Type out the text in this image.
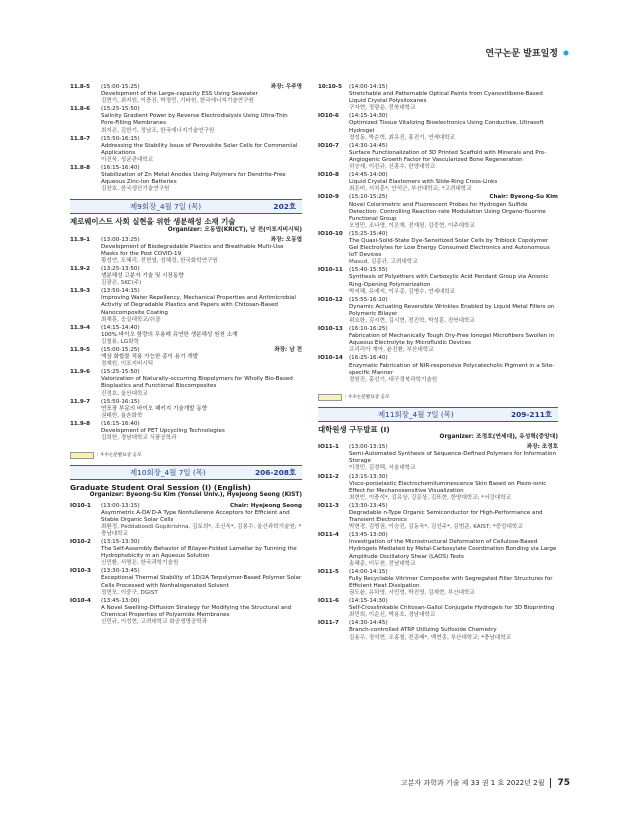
연구논문 발표일정
11.8-5	(15:00-15:25)	좌장: 우주영
Development of the Large-capacity ESS Using Seawater
김현기, 최지원, 이충진, 박정민, 기타원, 한국에너지기술연구원
11.8-6	(15:25-15:50)
Salinity Gradient Power by Reverse Electrodialysis Using Ultra-Thin Pore-Filling Membranes
최지은, 김한기, 정남조, 한국에너지기술연구원
11.8-7	(15:50-16:15)
Addressing the Stability Issue of Perovskite Solar Cells for Commercial Applications
이진욱, 성균관대학교
11.8-8	(16:15-16:40)
Stabilization of Zn Metal Anodes Using Polymers for Dendrite-Free Aqueous Zinc-Ion Batteries
김찬호, 한국생산기술연구원
제9회장_4월 7일 (목)	202호
제로웨이스트 사회 실현을 위한 생분해성 소재 기술
Organizer: 오동엽(KRICT), 남 전(이포지비시틱)
11.9-1	(13:00-13:25)	좌장: 오동엽
Development of Biodegradable Plastics and Breathable Multi-Use Masks for the Post COVID-19
황성연, 도혜리, 전현열, 성혜정, 한국화학연구원
11.9-2	(13:25-13:50)
생분해성 고분자 기술 및 시장동향
김광은, SKC(주)
11.9-3	(13:50-14:15)
Improving Water Repellency, Mechanical Properties and Antimicrobial Activity of Degradable Plastics and Papers with Chitosan-Based Nanocomposite Coating
최재훈, 숭실대학교/쉬클
11.9-4	(14:15-14:40)
100% 바이오 함량의 무용매 유연한 생분해성 원천 소재
김철용, LG화학
11.9-5	(15:00-15:25)	좌장: 남 전
액상 화합물 적용 가능한 종이 용기 개발
정재원, 이포지비시틱
11.9-6	(15:25-15:50)
Valorization of Naturally-occurring Biopolymers for Wholly Bio-Based Bioplastics and Functional Biocomposites
진정호, 울산대학교
11.9-7	(15:50-16:15)
연포장 부문의 바이오 패키지 기술개발 동향
권태헌, 율촌화학
11.9-8	(16:15-16:40)
Development of PET Upcycling Technologies
김희헌, 경남대학교 식품공학과
: 우수논문발표상 응모
제10회장_4월 7일 (목)	206-208호
Graduate Student Oral Session (I) (English)
Organizer: Byeong-Su Kim (Yonsei Univ.), Hyejeong Seong (KIST)
IO10-1	(13:00-13:15)	Chair: Hyejeong Seong
Asymmetric A-DA'D-A Type Nonfullerene Acceptors for Efficient and Stable Organic Solar Cells
최환정, Peddaboodi Gopikrishna, 김토희*, 조신욱*, 김봉수, 울산과학기술원; *충남대학교
IO10-2	(13:15-13:30)
The Self-Assembly Behavior of Bilayer-Folded Lamellar by Tunning the Hydrophobicity in an Aqueous Solution
신민환, 서명은, 한국과학기술원
IO10-3	(13:30-13:45)
Exceptional Thermal Stability of 1D/2A Terpolymer-Based Polymer Solar Cells Processed with Nonhalogenated Solvent
정현모, 이중구, DGIST
IO10-4	(13:45-13:00)
A Novel Swelling-Diffusion Strategy for Modifying the Structural and Chemical Properties of Polyamide Membranes
신민규, 이정현, 고려대학교 화공생명공학과
10:10-5	(14:00-14:15)
Stretchable and Patternable Optical Paints from Cyanostilbene-Based Liquid Crystal Polysiloxanes
구자현, 정광운, 전북대학교
IO10-6	(14:15-14:30)
Optimized Tissue Vitalizing Bioelectronics Using Conductive, Ultrasoft Hydrogel
정성동, 박순혁, 최유진, 홍진기, 연세대학교
IO10-7	(14:30-14:45)
Surface Functionalization of 3D Printed Scaffold with Minerals and Pro-Angiogenic Growth Factor for Vascularized Bone Regeneration
허승재, 이진규, 신흥수, 한양대학교
IO10-8	(14:45-14:00)
Liquid Crystal Elastomers with Slide-Ring Cross-Links
최은비, 서치훈*, 안석군, 부산대학교; *고려대학교
IO10-9	(15:10-15:25)	Chair: Byeong-Su Kim
Novel Colorimetric and Fluorescent Probes for Hydrogen Sulfide Detection: Controlling Reaction-rate Modulation Using Organo-fluorine Functional Group
오영민, 조나영, 이은재, 전재원, 김중현, 이주대학교
IO10-10	(15:25-15:40)
The Quasi-Solid-State Dye-Sensitized Solar Cells by Triblock Copolymer Gel Electrolytes for Low Energy Consumed Electronics and Autonomous IoT Devices
Masud, 김종규, 고려대학교
IO10-11	(15:40-15:55)
Synthesis of Polyethers with Carboxylic Acid Pendant Group via Anionic Ring-Opening Polymerization
박지혜, 유예지, 이우종, 김병수, 연세대학교
IO10-12	(15:55-16:10)
Dynamic Actuating Reversible Wrinkles Enabled by Liquid Metal Fillers on Polymeric Bilayer
위요한, 김시현, 김시현, 전진학, 박성훈, 전북대학교
IO10-13	(16:10-16:25)
Fabrication of Mechanically Tough Dry-Free Ionogel Microfibers Swollen in Aqueous Electrolyte by Microfluidic Devices
프리리아 계아, 윤진환, 부산대학교
IO10-14	(16:25-16:40)
Enzymatic Fabrication of NIR-responsive Polycatecholic Pigment in a Site-specific Manner
정원진, 홍선기, 대구경북과학기술원
: 우수논문발표상 응모
제11회장_4월 7일 (목)	209-211호
대학원생 구두발표 (I)
Organizer: 조정호(연세대), 유성혁(중앙대)
IO11-1	(13:00-13:15)	좌장: 조정호
Semi-Automated Synthesis of Sequence-Defined Polymers for Information Storage
이정민, 김경택, 서울대학교
IO11-2	(13:15-13:30)
Visco-poroelastic Electrochemiluminescence Skin Based on Piezo-ionic Effect for Mechanosensitive Visualization
최현빈, 이충석*, 김유상, 강문상, 김또현, 한양대학교; *서강대학교
IO11-3	(13:30-13:45)
Degradable n-Type Organic Semiconductor for High-Performance and Transient Electronics
박현경, 김명권, 이승진, 김동욱*, 김선주*, 김범준, KAIST; *중앙대학교
IO11-4	(13:45-13:00)
Investigation of the Microstructural Deformation of Cellulose-Based Hydrogels Mediated by Metal-Carboxylate Coordination Bonding via Large Amplitude Oscillatory Shear (LAOS) Tests
송혜준, 이두천, 전남대학교
IO11-5	(14:00-14:15)
Fully Recyclable Vitrimer Composite with Segregated Filler Structures for Efficient Heat Dissipation
권도윤, 유하영, 서민영, 박진영, 김재현, 부산대학교
IO11-6	(14:15-14:30)
Self-Crosslinkable Chitosan-Gallol Conjugate Hydrogels for 3D Bioprinting
최민희, 이순신, 박용호, 경남대학교
IO11-7	(14:30-14:45)
Branch-controlled ATRP Utilizing Sulfoxide Chemistry
김용우, 정석현, 조홍철, 전종배*, 백현종, 부산대학교; *충남대학교
고분자 과학과 기술 제 33 권 1 호 2022년 2월 75
